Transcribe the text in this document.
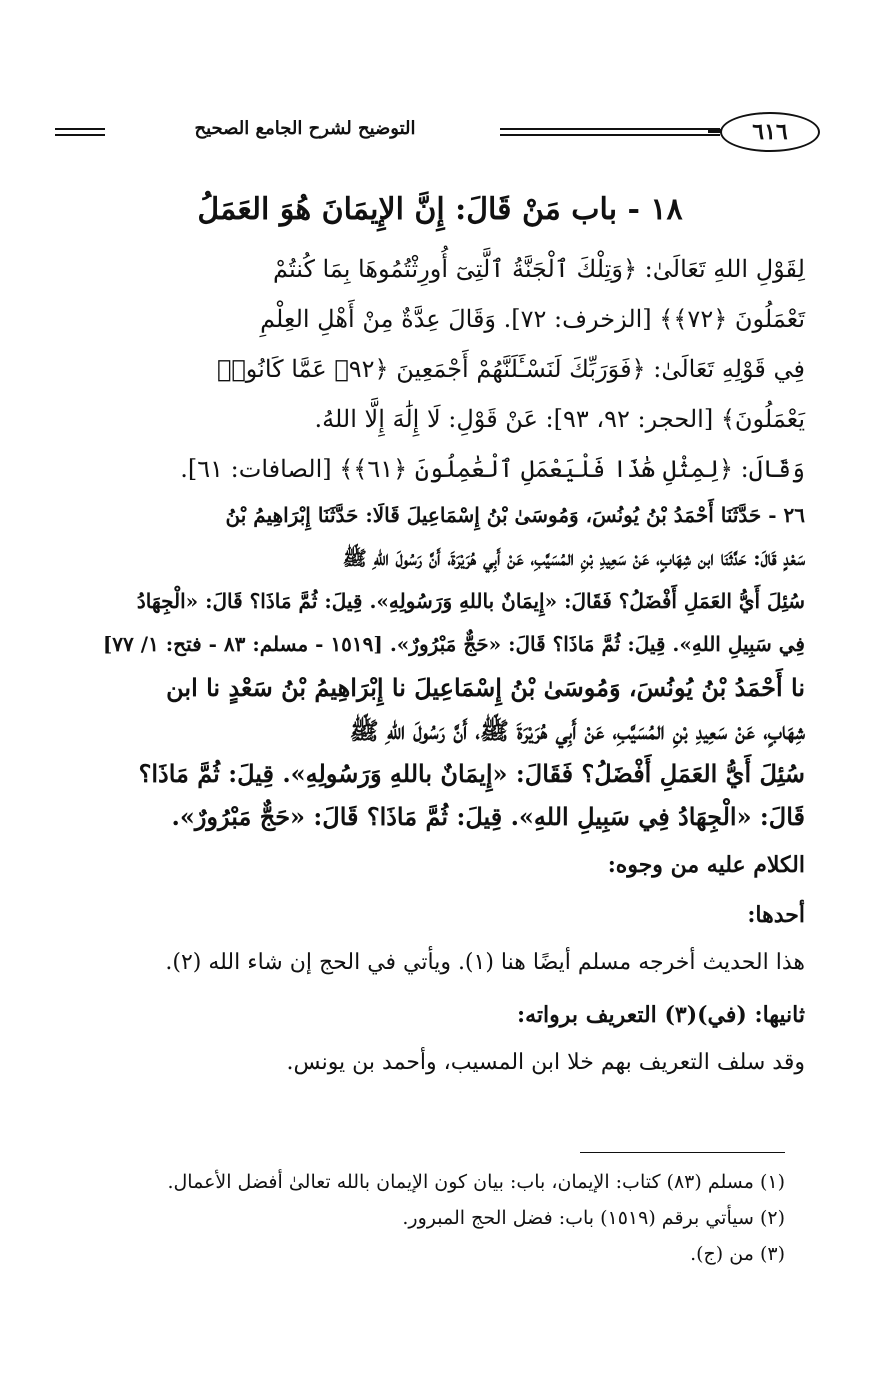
٦١٦
التوضيح لشرح الجامع الصحيح
١٨ - باب مَنْ قَالَ: إِنَّ الإِيمَانَ هُوَ العَمَلُ

لِقَوْلِ اللهِ تَعَالَىٰ: ﴿وَتِلْكَ ٱلْجَنَّةُ ٱلَّتِىٓ أُورِثْتُمُوهَا بِمَا كُنتُمْ

تَعْمَلُونَ ﴿٧٢﴾﴾ [الزخرف: ٧٢]. وَقَالَ عِدَّةٌ مِنْ أَهْلِ العِلْمِ

فِي قَوْلِهِ تَعَالَىٰ: ﴿فَوَرَبِّكَ لَنَسْـَٔلَنَّهُمْ أَجْمَعِينَ ﴿٩٢﴾ عَمَّا كَانُوا۟

يَعْمَلُونَ﴾ [الحجر: ٩٢، ٩٣]: عَنْ قَوْلِ: لَا إِلَٰهَ إِلَّا اللهُ.

وَقَالَ: ﴿لِمِثْلِ هَٰذَا فَلْيَعْمَلِ ٱلْعَٰمِلُونَ ﴿٦١﴾﴾ [الصافات: ٦١].

٢٦ - حَدَّثَنَا أَحْمَدُ بْنُ يُونُسَ، وَمُوسَىٰ بْنُ إِسْمَاعِيلَ قَالَا: حَدَّثَنَا إِبْرَاهِيمُ بْنُ

سَعْدٍ قَالَ: حَدَّثَنَا ابن شِهَابٍ، عَنْ سَعِيدِ بْنِ المُسَيَّبِ، عَنْ أَبِي هُرَيْرَةَ، أَنَّ رَسُولَ اللهِ ﷺ

سُئِلَ أَيُّ العَمَلِ أَفْضَلُ؟ فَقَالَ: «إِيمَانٌ باللهِ وَرَسُولِهِ». قِيلَ: ثُمَّ مَاذَا؟ قَالَ: «الْجِهَادُ

فِي سَبِيلِ اللهِ». قِيلَ: ثُمَّ مَاذَا؟ قَالَ: «حَجٌّ مَبْرُورٌ». [١٥١٩ - مسلم: ٨٣ - فتح: ١/ ٧٧]

نا أَحْمَدُ بْنُ يُونُسَ، وَمُوسَىٰ بْنُ إِسْمَاعِيلَ نا إِبْرَاهِيمُ بْنُ سَعْدٍ نا ابن

شِهَابٍ، عَنْ سَعِيدِ بْنِ المُسَيَّبِ، عَنْ أَبِي هُرَيْرَةَ ﷺ، أَنَّ رَسُولَ اللهِ ﷺ

سُئِلَ أَيُّ العَمَلِ أَفْضَلُ؟ فَقَالَ: «إِيمَانٌ باللهِ وَرَسُولِهِ». قِيلَ: ثُمَّ مَاذَا؟

قَالَ: «الْجِهَادُ فِي سَبِيلِ اللهِ». قِيلَ: ثُمَّ مَاذَا؟ قَالَ: «حَجٌّ مَبْرُورٌ».

الكلام عليه من وجوه:

أحدها:

هذا الحديث أخرجه مسلم أيضًا هنا (١). ويأتي في الحج إن شاء الله (٢).

ثانيها: (في)(٣) التعريف برواته:

وقد سلف التعريف بهم خلا ابن المسيب، وأحمد بن يونس.

(١) مسلم (٨٣) كتاب: الإيمان، باب: بيان كون الإيمان بالله تعالىٰ أفضل الأعمال.
(٢) سيأتي برقم (١٥١٩) باب: فضل الحج المبرور.
(٣) من (ج).
